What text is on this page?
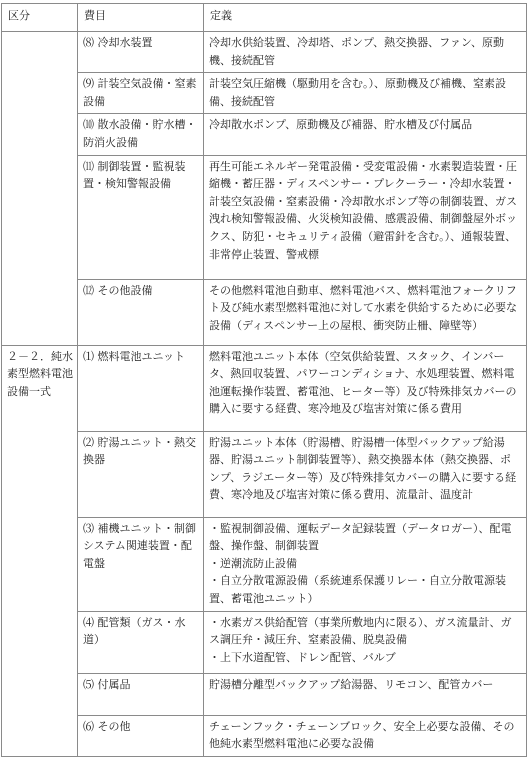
区分	費目	定義
	⑻ 冷却水装置	冷却水供給装置、冷却塔、ポンプ、熱交換器、ファン、原動機、接続配管
	⑼ 計装空気設備・窒素設備	計装空気圧縮機（駆動用を含む。）、原動機及び補機、窒素設備、接続配管
	⑽ 散水設備・貯水槽・防消火設備	冷却散水ポンプ、原動機及び補器、貯水槽及び付属品
	⑾ 制御装置・監視装置・検知警報設備	再生可能エネルギー発電設備・受変電設備・水素製造装置・圧縮機・蓄圧器・ディスペンサー・プレクーラー・冷却水装置・計装空気設備・窒素設備・冷却散水ポンプ等の制御装置、ガス洩れ検知警報設備、火災検知設備、感震設備、制御盤屋外ボックス、防犯・セキュリティ設備（避雷針を含む。）、通報装置、非常停止装置、警戒標
	⑿ その他設備	その他燃料電池自動車、燃料電池バス、燃料電池フォークリフト及び純水素型燃料電池に対して水素を供給するために必要な設備（ディスペンサー上の屋根、衝突防止柵、障壁等）
２－２．純水素型燃料電池設備一式	⑴ 燃料電池ユニット	燃料電池ユニット本体（空気供給装置、スタック、インバータ、熱回収装置、パワーコンディショナ、水処理装置、燃料電池運転操作装置、蓄電池、ヒーター等）及び特殊排気カバーの購入に要する経費、寒冷地及び塩害対策に係る費用
	⑵ 貯湯ユニット・熱交換器	貯湯ユニット本体（貯湯槽、貯湯槽一体型バックアップ給湯器、貯湯ユニット制御装置等）、熱交換器本体（熱交換器、ポンプ、ラジエーター等）及び特殊排気カバーの購入に要する経費、寒冷地及び塩害対策に係る費用、流量計、温度計
	⑶ 補機ユニット・制御システム関連装置・配電盤	・監視制御設備、運転データ記録装置（データロガー）、配電盤、操作盤、制御装置
・逆潮流防止設備
・自立分散電源設備（系統連系保護リレー・自立分散電源装置、蓄電池ユニット）

	⑷ 配管類（ガス・水道）	・水素ガス供給配管（事業所敷地内に限る）、ガス流量計、ガス調圧弁・減圧弁、窒素設備、脱臭設備
・上下水道配管、ドレン配管、バルブ

	⑸ 付属品	貯湯槽分離型バックアップ給湯器、リモコン、配管カバー
	⑹ その他	チェーンフック・チェーンブロック、安全上必要な設備、その他純水素型燃料電池に必要な設備
